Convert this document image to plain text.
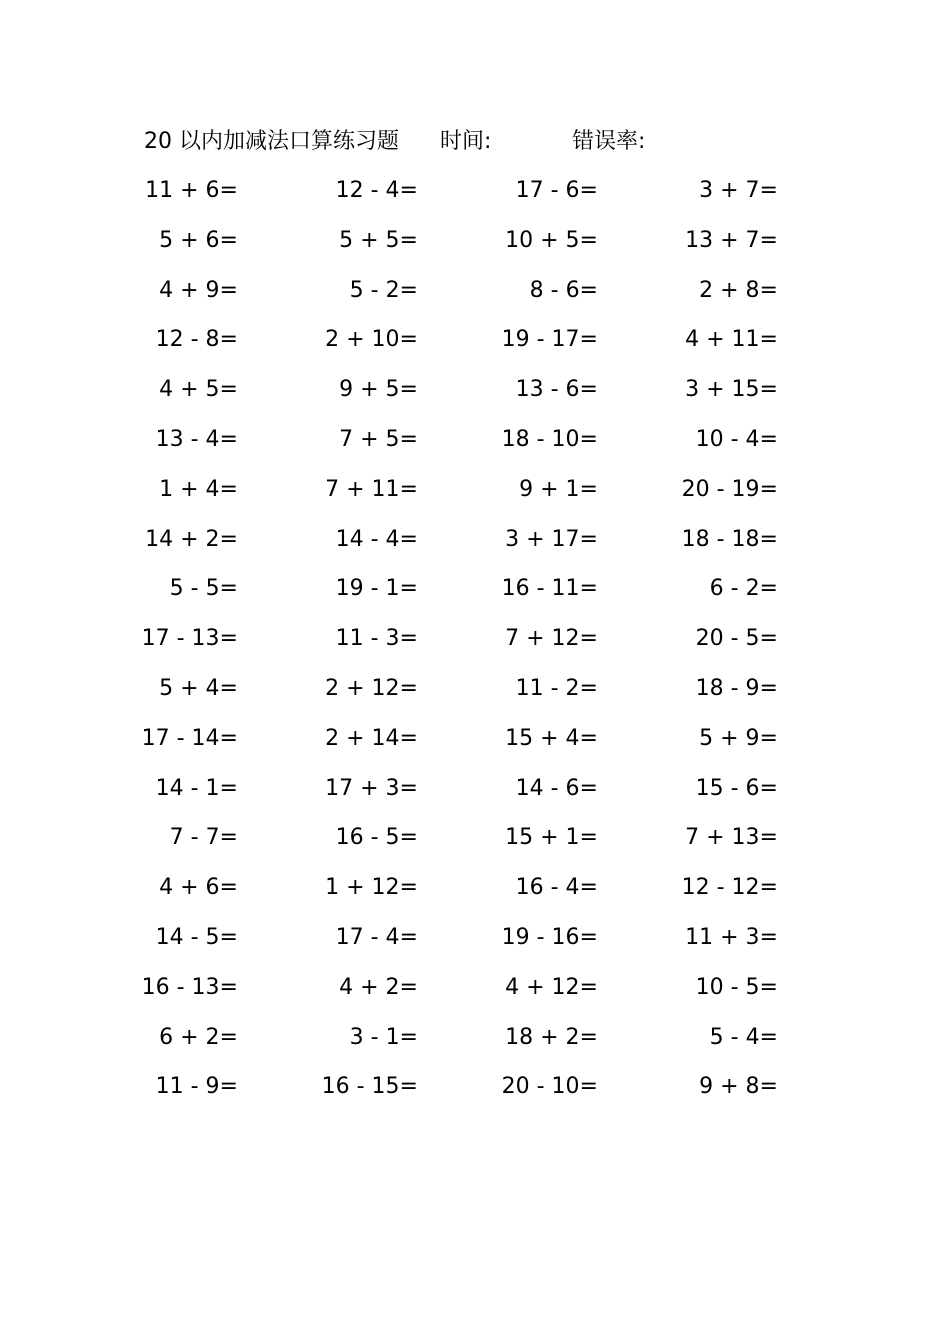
20 以内加减法口算练习题 时间:	错误率:
11 + 6=	12 - 4=	17 - 6=	3 + 7=
5 + 6=	5 + 5=	10 + 5=	13 + 7=
4 + 9=	5 - 2=	8 - 6=	2 + 8=
12 - 8=	2 + 10=	19 - 17=	4 + 11=
4 + 5=	9 + 5=	13 - 6=	3 + 15=
13 - 4=	7 + 5=	18 - 10=	10 - 4=
1 + 4=	7 + 11=	9 + 1=	20 - 19=
14 + 2=	14 - 4=	3 + 17=	18 - 18=
5 - 5=	19 - 1=	16 - 11=	6 - 2=
17 - 13=	11 - 3=	7 + 12=	20 - 5=
5 + 4=	2 + 12=	11 - 2=	18 - 9=
17 - 14=	2 + 14=	15 + 4=	5 + 9=
14 - 1=	17 + 3=	14 - 6=	15 - 6=
7 - 7=	16 - 5=	15 + 1=	7 + 13=
4 + 6=	1 + 12=	16 - 4=	12 - 12=
14 - 5=	17 - 4=	19 - 16=	11 + 3=
16 - 13=	4 + 2=	4 + 12=	10 - 5=
6 + 2=	3 - 1=	18 + 2=	5 - 4=
11 - 9=	16 - 15=	20 - 10=	9 + 8=
